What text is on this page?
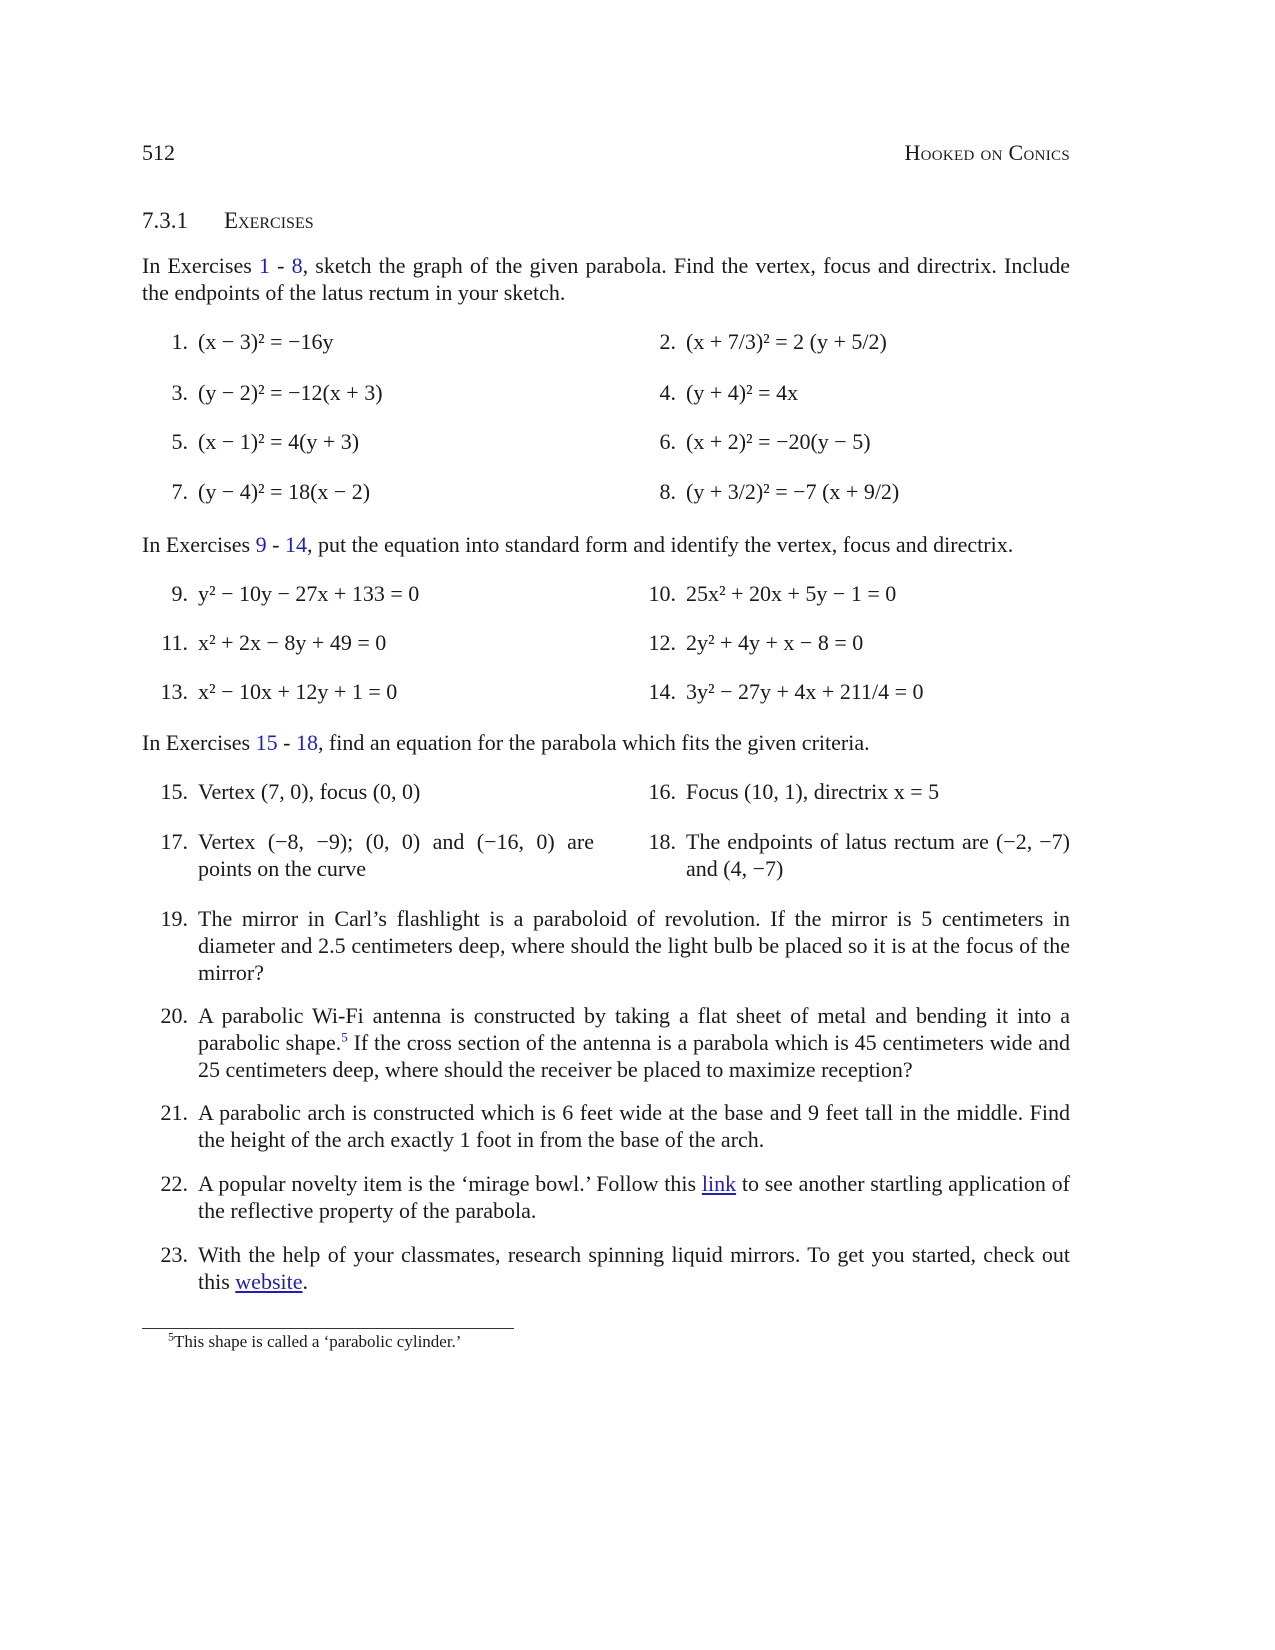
512	Hooked on Conics
7.3.1 Exercises
In Exercises 1 - 8, sketch the graph of the given parabola. Find the vertex, focus and directrix. Include the endpoints of the latus rectum in your sketch.
1. (x − 3)² = −16y	2. (x + 7/3)² = 2 (y + 5/2)
3. (y − 2)² = −12(x + 3)	4. (y + 4)² = 4x
5. (x − 1)² = 4(y + 3)	6. (x + 2)² = −20(y − 5)
7. (y − 4)² = 18(x − 2)	8. (y + 3/2)² = −7 (x + 9/2)
In Exercises 9 - 14, put the equation into standard form and identify the vertex, focus and directrix.
9. y² − 10y − 27x + 133 = 0	10. 25x² + 20x + 5y − 1 = 0
11. x² + 2x − 8y + 49 = 0	12. 2y² + 4y + x − 8 = 0
13. x² − 10x + 12y + 1 = 0	14. 3y² − 27y + 4x + 211/4 = 0
In Exercises 15 - 18, find an equation for the parabola which fits the given criteria.
15. Vertex (7, 0), focus (0, 0)	16. Focus (10, 1), directrix x = 5
17. Vertex (−8, −9); (0, 0) and (−16, 0) are points on the curve
18. The endpoints of latus rectum are (−2, −7) and (4, −7)
19. The mirror in Carl’s flashlight is a paraboloid of revolution. If the mirror is 5 centimeters in diameter and 2.5 centimeters deep, where should the light bulb be placed so it is at the focus of the mirror?
20. A parabolic Wi-Fi antenna is constructed by taking a flat sheet of metal and bending it into a parabolic shape.$^5$ If the cross section of the antenna is a parabola which is 45 centimeters wide and 25 centimeters deep, where should the receiver be placed to maximize reception?
21. A parabolic arch is constructed which is 6 feet wide at the base and 9 feet tall in the middle. Find the height of the arch exactly 1 foot in from the base of the arch.
22. A popular novelty item is the ‘mirage bowl.’ Follow this link to see another startling application of the reflective property of the parabola.
23. With the help of your classmates, research spinning liquid mirrors. To get you started, check out this website.
$^5$This shape is called a ‘parabolic cylinder.’
